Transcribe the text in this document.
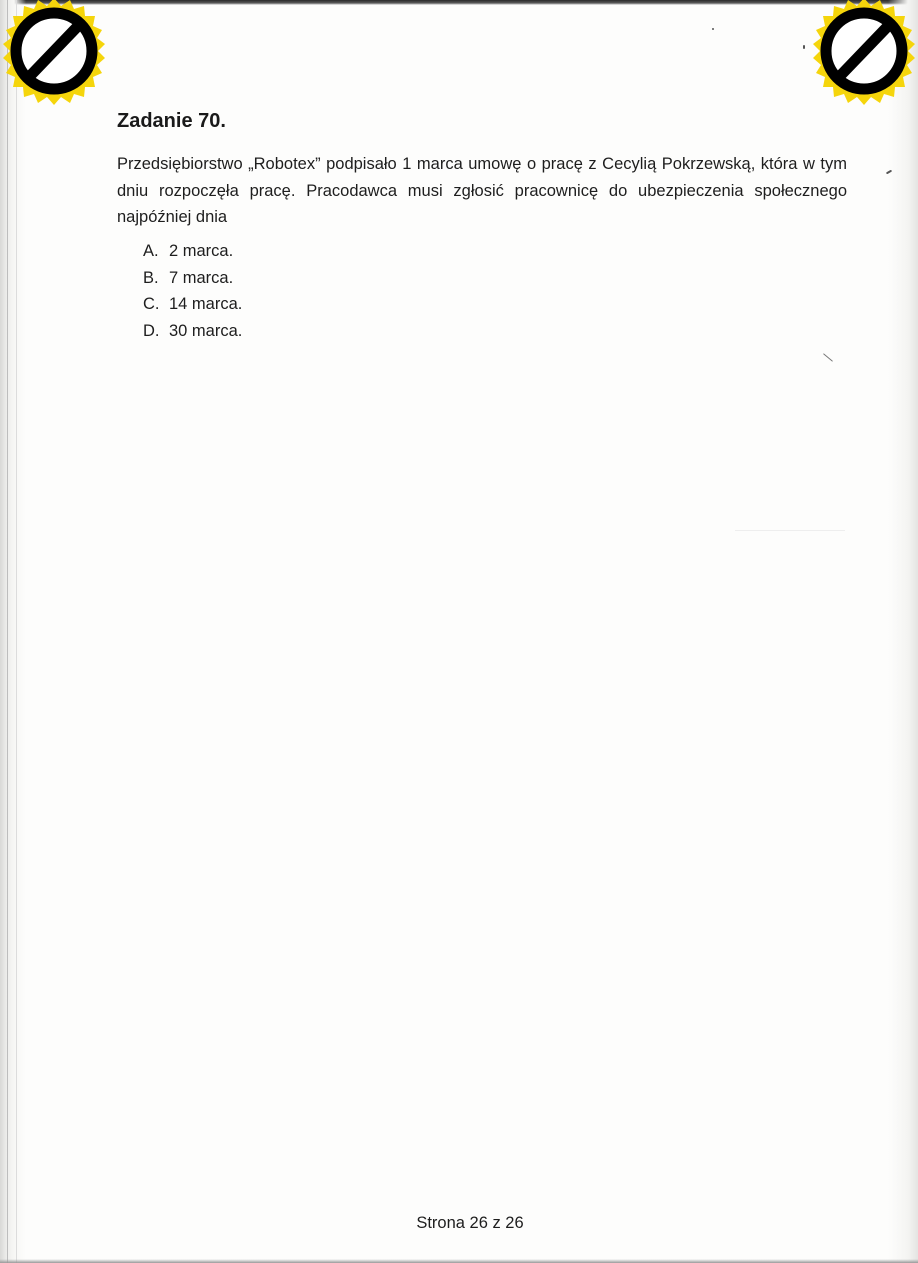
Zadanie 70.
Przedsiębiorstwo „Robotex” podpisało 1 marca umowę o pracę z Cecylią Pokrzewską, która w tym dniu rozpoczęła pracę. Pracodawca musi zgłosić pracownicę do ubezpieczenia społecznego najpóźniej dnia
A. 2 marca.
B. 7 marca.
C. 14 marca.
D. 30 marca.
Strona 26 z 26
